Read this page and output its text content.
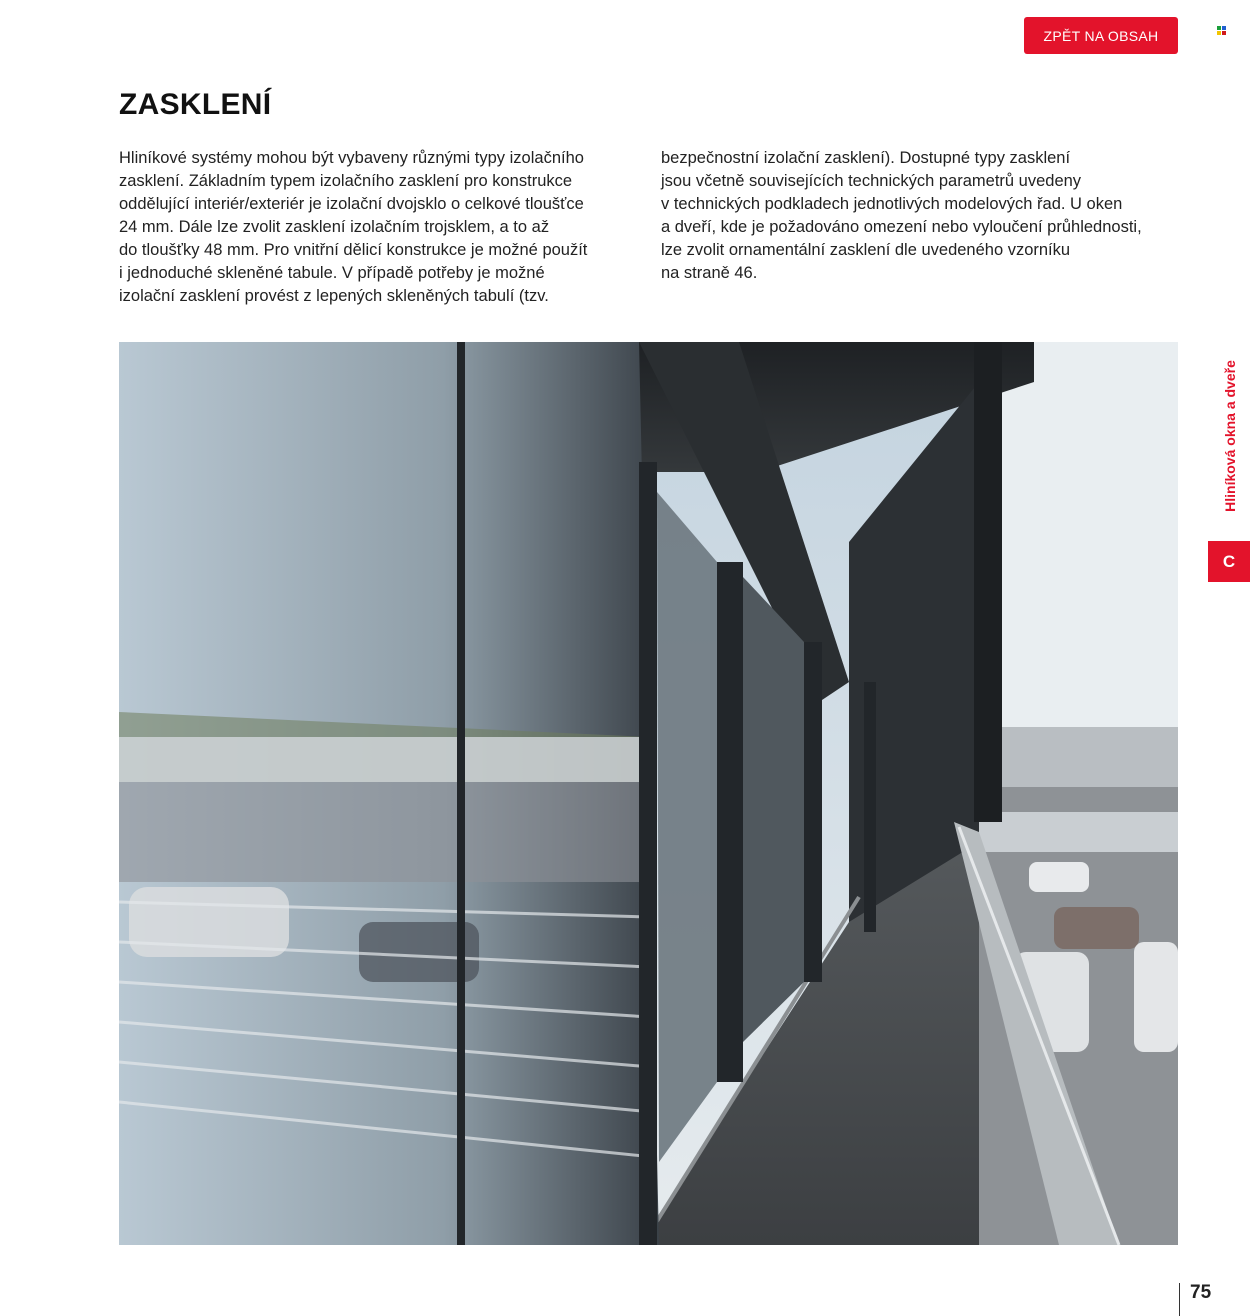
ZPĚT NA OBSAH
ZASKLENÍ

Hliníkové systémy mohou být vybaveny různými typy izolačního

zasklení. Základním typem izolačního zasklení pro konstrukce

oddělující interiér/exteriér je izolační dvojsklo o celkové tloušťce

24 mm. Dále lze zvolit zasklení izolačním trojsklem, a to až

do tloušťky 48 mm. Pro vnitřní dělicí konstrukce je možné použít

i jednoduché skleněné tabule. V případě potřeby je možné

izolační zasklení provést z lepených skleněných tabulí (tzv.

bezpečnostní izolační zasklení). Dostupné typy zasklení

jsou včetně souvisejících technických parametrů uvedeny

v technických podkladech jednotlivých modelových řad. U oken

a dveří, kde je požadováno omezení nebo vyloučení průhlednosti,

lze zvolit ornamentální zasklení dle uvedeného vzorníku

na straně 46.

Hliníková okna a dveře
C
75
